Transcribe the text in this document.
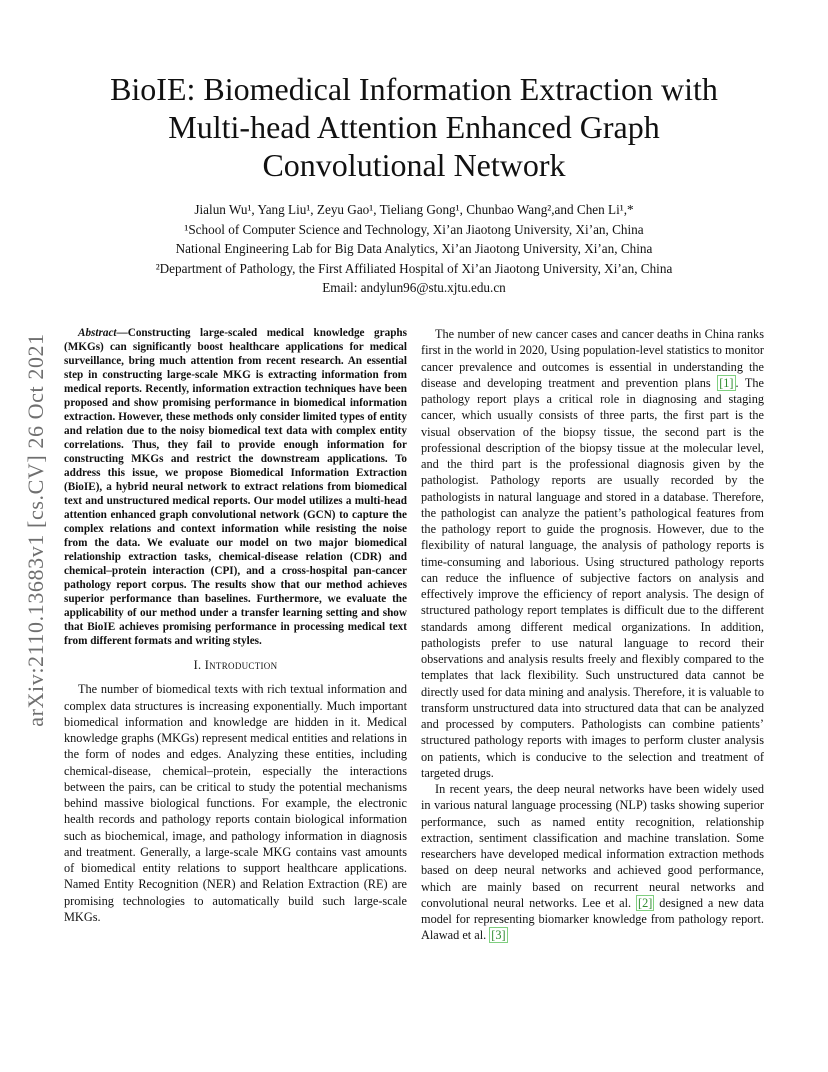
arXiv:2110.13683v1 [cs.CV] 26 Oct 2021
BioIE: Biomedical Information Extraction with Multi-head Attention Enhanced Graph Convolutional Network
Jialun Wu¹, Yang Liu¹, Zeyu Gao¹, Tieliang Gong¹, Chunbao Wang²,and Chen Li¹,*
¹School of Computer Science and Technology, Xi’an Jiaotong University, Xi’an, China
National Engineering Lab for Big Data Analytics, Xi’an Jiaotong University, Xi’an, China
²Department of Pathology, the First Affiliated Hospital of Xi’an Jiaotong University, Xi’an, China
Email: andylun96@stu.xjtu.edu.cn

Abstract—Constructing large-scaled medical knowledge graphs (MKGs) can significantly boost healthcare applications for medical surveillance, bring much attention from recent research. An essential step in constructing large-scale MKG is extracting information from medical reports. Recently, information extraction techniques have been proposed and show promising performance in biomedical information extraction. However, these methods only consider limited types of entity and relation due to the noisy biomedical text data with complex entity correlations. Thus, they fail to provide enough information for constructing MKGs and restrict the downstream applications. To address this issue, we propose Biomedical Information Extraction (BioIE), a hybrid neural network to extract relations from biomedical text and unstructured medical reports. Our model utilizes a multi-head attention enhanced graph convolutional network (GCN) to capture the complex relations and context information while resisting the noise from the data. We evaluate our model on two major biomedical relationship extraction tasks, chemical-disease relation (CDR) and chemical–protein interaction (CPI), and a cross-hospital pan-cancer pathology report corpus. The results show that our method achieves superior performance than baselines. Furthermore, we evaluate the applicability of our method under a transfer learning setting and show that BioIE achieves promising performance in processing medical text from different formats and writing styles.

I. Introduction

The number of biomedical texts with rich textual information and complex data structures is increasing exponentially. Much important biomedical information and knowledge are hidden in it. Medical knowledge graphs (MKGs) represent medical entities and relations in the form of nodes and edges. Analyzing these entities, including chemical-disease, chemical–protein, especially the interactions between the pairs, can be critical to study the potential mechanisms behind massive biological functions. For example, the electronic health records and pathology reports contain biological information such as biochemical, image, and pathology information in diagnosis and treatment. Generally, a large-scale MKG contains vast amounts of biomedical entity relations to support healthcare applications. Named Entity Recognition (NER) and Relation Extraction (RE) are promising technologies to automatically build such large-scale MKGs.

The number of new cancer cases and cancer deaths in China ranks first in the world in 2020, Using population-level statistics to monitor cancer prevalence and outcomes is essential in understanding the disease and developing treatment and prevention plans [1] . The pathology report plays a critical role in diagnosing and staging cancer, which usually consists of three parts, the first part is the visual observation of the biopsy tissue, the second part is the professional description of the biopsy tissue at the molecular level, and the third part is the professional diagnosis given by the pathologist. Pathology reports are usually recorded by the pathologists in natural language and stored in a database. Therefore, the pathologist can analyze the patient’s pathological features from the pathology report to guide the prognosis. However, due to the flexibility of natural language, the analysis of pathology reports is time-consuming and laborious. Using structured pathology reports can reduce the influence of subjective factors on analysis and effectively improve the efficiency of report analysis. The design of structured pathology report templates is difficult due to the different standards among different medical organizations. In addition, pathologists prefer to use natural language to record their observations and analysis results freely and flexibly compared to the templates that lack flexibility. Such unstructured data cannot be directly used for data mining and analysis. Therefore, it is valuable to transform unstructured data into structured data that can be analyzed and processed by computers. Pathologists can combine patients’ structured pathology reports with images to perform cluster analysis on patients, which is conducive to the selection and treatment of targeted drugs.

In recent years, the deep neural networks have been widely used in various natural language processing (NLP) tasks showing superior performance, such as named entity recognition, relationship extraction, sentiment classification and machine translation. Some researchers have developed medical information extraction methods based on deep neural networks and achieved good performance, which are mainly based on recurrent neural networks and convolutional neural networks. Lee et al. [2] designed a new data model for representing biomarker knowledge from pathology report. Alawad et al. [3]
